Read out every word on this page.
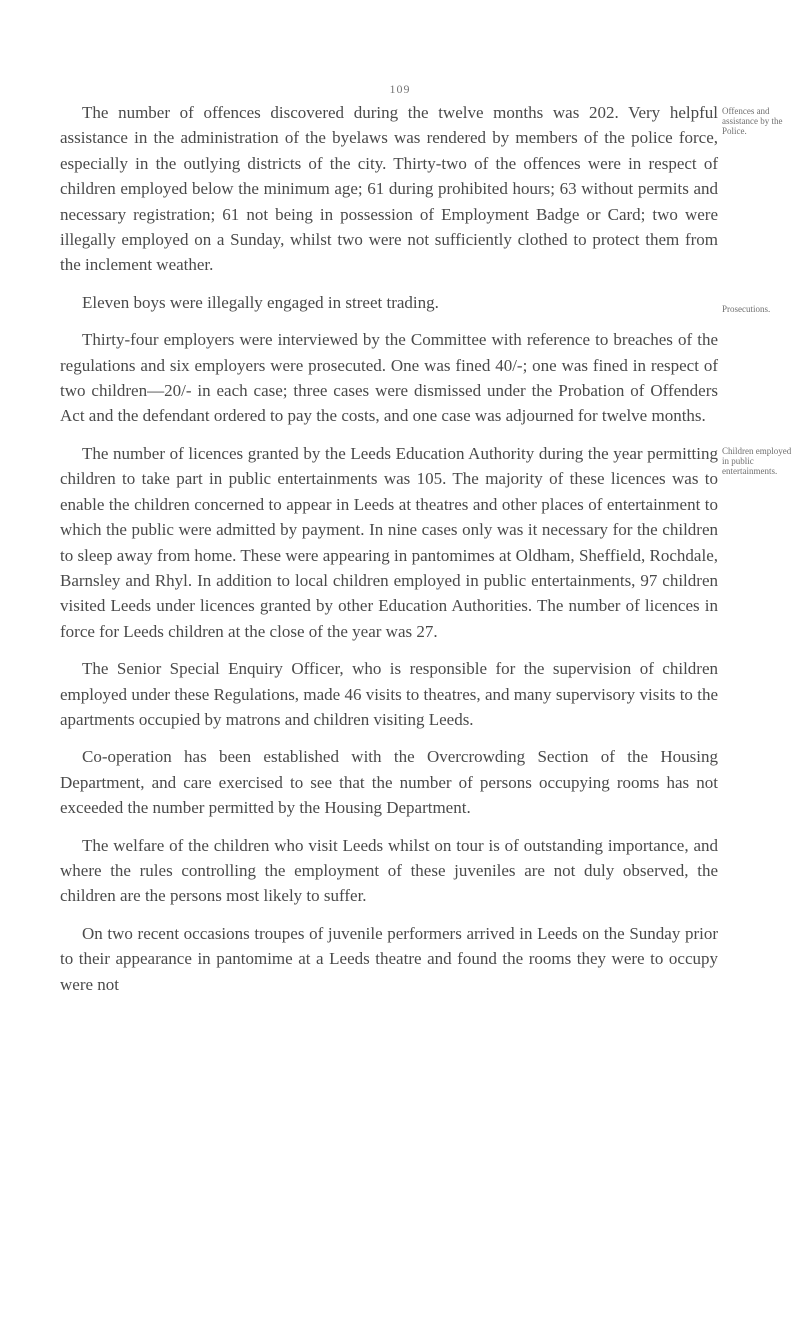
109
Offences and assistance by the Police.
Prosecutions.
Children employed in public entertainments.

The number of offences discovered during the twelve months was 202. Very helpful assistance in the administration of the byelaws was rendered by members of the police force, especially in the outlying districts of the city. Thirty-two of the offences were in respect of children employed below the minimum age; 61 during prohibited hours; 63 without permits and necessary registration; 61 not being in possession of Employment Badge or Card; two were illegally employed on a Sunday, whilst two were not sufficiently clothed to protect them from the inclement weather.

Eleven boys were illegally engaged in street trading.

Thirty-four employers were interviewed by the Committee with reference to breaches of the regulations and six employers were prosecuted. One was fined 40/-; one was fined in respect of two children—20/- in each case; three cases were dismissed under the Probation of Offenders Act and the defendant ordered to pay the costs, and one case was adjourned for twelve months.

The number of licences granted by the Leeds Education Authority during the year permitting children to take part in public entertainments was 105. The majority of these licences was to enable the children concerned to appear in Leeds at theatres and other places of entertainment to which the public were admitted by payment. In nine cases only was it necessary for the children to sleep away from home. These were appearing in pantomimes at Oldham, Sheffield, Rochdale, Barnsley and Rhyl. In addition to local children employed in public entertainments, 97 children visited Leeds under licences granted by other Education Authorities. The number of licences in force for Leeds children at the close of the year was 27.

The Senior Special Enquiry Officer, who is responsible for the supervision of children employed under these Regulations, made 46 visits to theatres, and many supervisory visits to the apartments occupied by matrons and children visiting Leeds.

Co-operation has been established with the Overcrowding Section of the Housing Department, and care exercised to see that the number of persons occupying rooms has not exceeded the number permitted by the Housing Department.

The welfare of the children who visit Leeds whilst on tour is of outstanding importance, and where the rules controlling the employment of these juveniles are not duly observed, the children are the persons most likely to suffer.

On two recent occasions troupes of juvenile performers arrived in Leeds on the Sunday prior to their appearance in pantomime at a Leeds theatre and found the rooms they were to occupy were not
